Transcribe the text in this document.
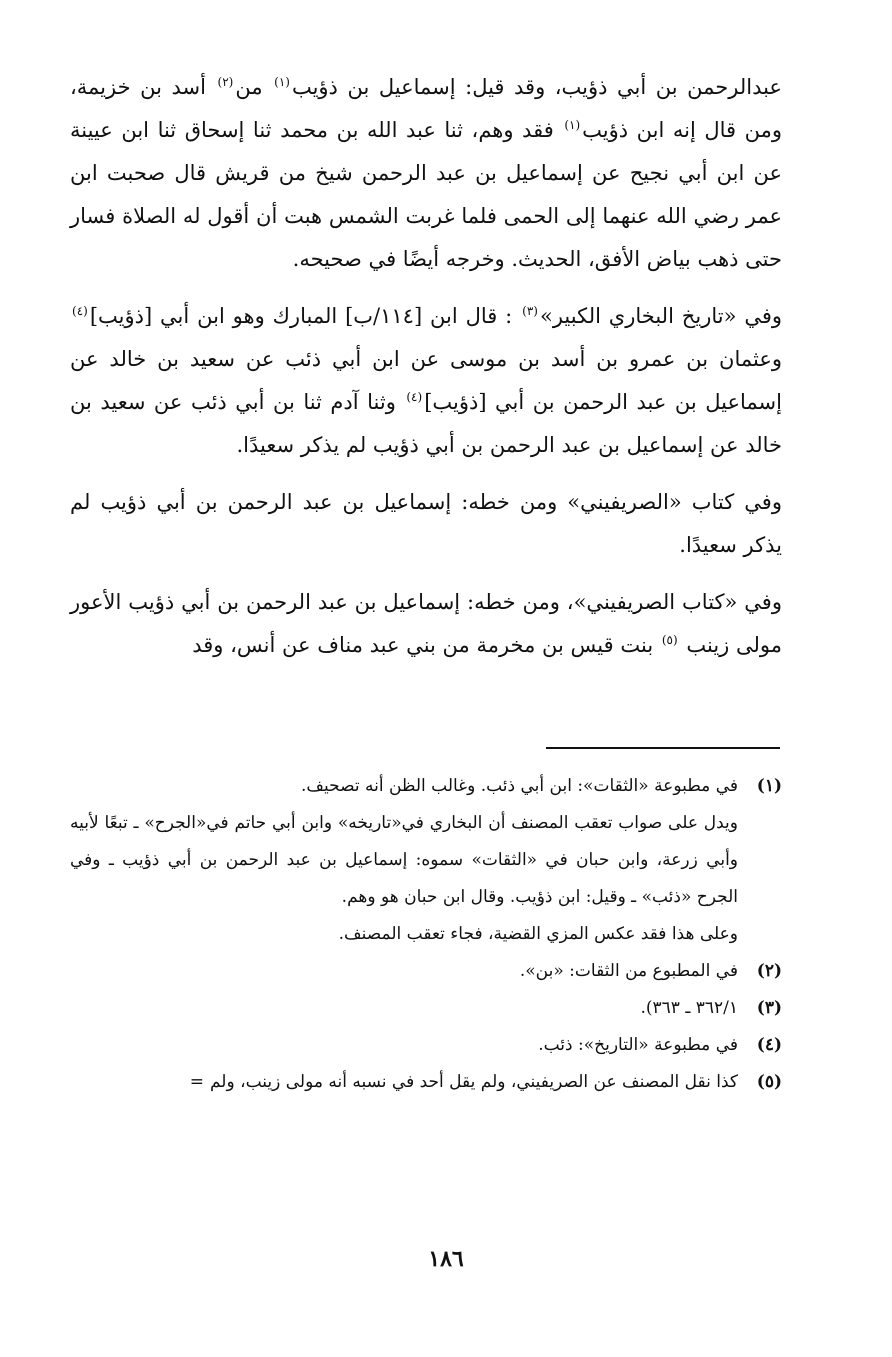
عبدالرحمن بن أبي ذؤيب، وقد قيل: إسماعيل بن ذؤيب$^{(١)}$ من$^{(٢)}$ أسد بن خزيمة، ومن قال إنه ابن ذؤيب$^{(١)}$ فقد وهم، ثنا عبد الله بن محمد ثنا إسحاق ثنا ابن عيينة عن ابن أبي نجيح عن إسماعيل بن عبد الرحمن شيخ من قريش قال صحبت ابن عمر رضي الله عنهما إلى الحمى فلما غربت الشمس هبت أن أقول له الصلاة فسار حتى ذهب بياض الأفق، الحديث. وخرجه أيضًا في صحيحه.

وفي «تاريخ البخاري الكبير»$^{(٣)}$ : قال ابن [١١٤/ب] المبارك وهو ابن أبي [ذؤيب]$^{(٤)}$ وعثمان بن عمرو بن أسد بن موسى عن ابن أبي ذئب عن سعيد بن خالد عن إسماعيل بن عبد الرحمن بن أبي [ذؤيب]$^{(٤)}$ وثنا آدم ثنا بن أبي ذئب عن سعيد بن خالد عن إسماعيل بن عبد الرحمن بن أبي ذؤيب لم يذكر سعيدًا.

وفي كتاب «الصريفيني» ومن خطه: إسماعيل بن عبد الرحمن بن أبي ذؤيب لم يذكر سعيدًا.

وفي «كتاب الصريفيني»، ومن خطه: إسماعيل بن عبد الرحمن بن أبي ذؤيب الأعور مولى زينب $^{(٥)}$ بنت قيس بن مخرمة من بني عبد مناف عن أنس، وقد

(١)
في مطبوعة «الثقات»: ابن أبي ذئب. وغالب الظن أنه تصحيف.
ويدل على صواب تعقب المصنف أن البخاري في«تاريخه» وابن أبي حاتم في«الجرح» ـ تبعًا لأبيه وأبي زرعة، وابن حبان في «الثقات» سموه: إسماعيل بن عبد الرحمن بن أبي ذؤيب ـ وفي الجرح «ذئب» ـ وقيل: ابن ذؤيب. وقال ابن حبان هو وهم.
وعلى هذا فقد عكس المزي القضية، فجاء تعقب المصنف.
(٢)
في المطبوع من الثقات: «بن».
(٣)
٣٦٢/١ ـ ٣٦٣).
(٤)
في مطبوعة «التاريخ»: ذئب.
(٥)
كذا نقل المصنف عن الصريفيني، ولم يقل أحد في نسبه أنه مولى زينب، ولم=
١٨٦
